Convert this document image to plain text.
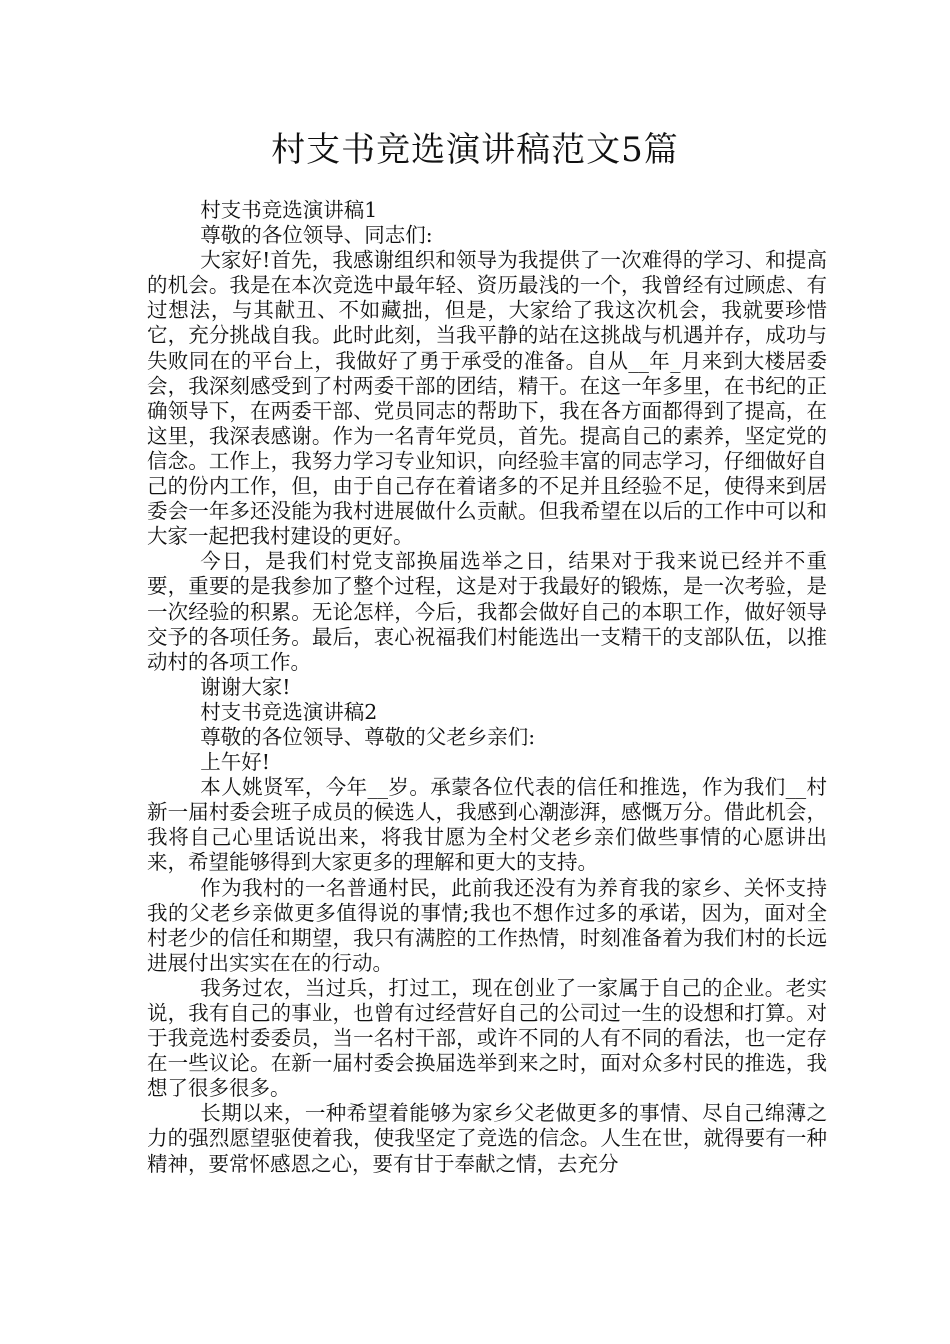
村支书竞选演讲稿范文5篇

村支书竞选演讲稿1

尊敬的各位领导、同志们:

大家好!首先，我感谢组织和领导为我提供了一次难得的学习、和提高的机会。我是在本次竞选中最年轻、资历最浅的一个，我曾经有过顾虑、有过想法，与其献丑、不如藏拙，但是，大家给了我这次机会，我就要珍惜它，充分挑战自我。此时此刻，当我平静的站在这挑战与机遇并存，成功与失败同在的平台上，我做好了勇于承受的准备。自从__年_月来到大楼居委会，我深刻感受到了村两委干部的团结，精干。在这一年多里，在书纪的正确领导下，在两委干部、党员同志的帮助下，我在各方面都得到了提高，在这里，我深表感谢。作为一名青年党员，首先。提高自己的素养，坚定党的信念。工作上，我努力学习专业知识，向经验丰富的同志学习，仔细做好自己的份内工作，但，由于自己存在着诸多的不足并且经验不足，使得来到居委会一年多还没能为我村进展做什么贡献。但我希望在以后的工作中可以和大家一起把我村建设的更好。

今日，是我们村党支部换届选举之日，结果对于我来说已经并不重要，重要的是我参加了整个过程，这是对于我最好的锻炼，是一次考验，是一次经验的积累。无论怎样，今后，我都会做好自己的本职工作，做好领导交予的各项任务。最后，衷心祝福我们村能选出一支精干的支部队伍，以推动村的各项工作。

谢谢大家!

村支书竞选演讲稿2

尊敬的各位领导、尊敬的父老乡亲们:

上午好!

本人姚贤军，今年__岁。承蒙各位代表的信任和推选，作为我们__村新一届村委会班子成员的候选人，我感到心潮澎湃，感慨万分。借此机会，我将自己心里话说出来，将我甘愿为全村父老乡亲们做些事情的心愿讲出来，希望能够得到大家更多的理解和更大的支持。

作为我村的一名普通村民，此前我还没有为养育我的家乡、关怀支持我的父老乡亲做更多值得说的事情;我也不想作过多的承诺，因为，面对全村老少的信任和期望，我只有满腔的工作热情，时刻准备着为我们村的长远进展付出实实在在的行动。

我务过农，当过兵，打过工，现在创业了一家属于自己的企业。老实说，我有自己的事业，也曾有过经营好自己的公司过一生的设想和打算。对于我竞选村委委员，当一名村干部，或许不同的人有不同的看法，也一定存在一些议论。在新一届村委会换届选举到来之时，面对众多村民的推选，我想了很多很多。

长期以来，一种希望着能够为家乡父老做更多的事情、尽自己绵薄之力的强烈愿望驱使着我，使我坚定了竞选的信念。人生在世，就得要有一种精神，要常怀感恩之心，要有甘于奉献之情，去充分
